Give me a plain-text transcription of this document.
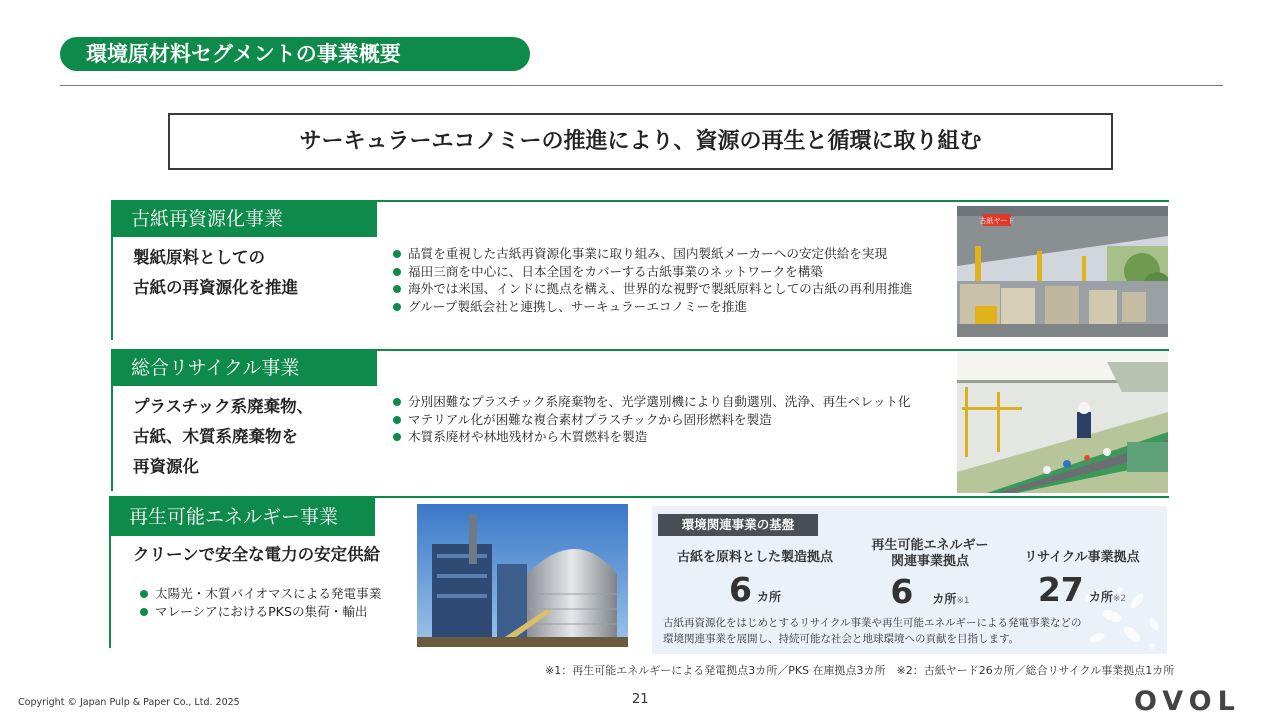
環境原材料セグメントの事業概要
サーキュラーエコノミーの推進により、資源の再生と循環に取り組む
古紙再資源化事業
製紙原料としての
古紙の再資源化を推進
品質を重視した古紙再資源化事業に取り組み、国内製紙メーカーへの安定供給を実現
福田三商を中心に、日本全国をカバーする古紙事業のネットワークを構築
海外では米国、インドに拠点を構え、世界的な視野で製紙原料としての古紙の再利用推進
グループ製紙会社と連携し、サーキュラーエコノミーを推進
古紙ヤード
総合リサイクル事業
プラスチック系廃棄物、
古紙、木質系廃棄物を
再資源化
分別困難なプラスチック系廃棄物を、光学選別機により自動選別、洗浄、再生ペレット化
マテリアル化が困難な複合素材プラスチックから固形燃料を製造
木質系廃材や林地残材から木質燃料を製造
再生可能エネルギー事業
クリーンで安全な電力の安定供給
太陽光・木質バイオマスによる発電事業
マレーシアにおけるPKSの集荷・輸出
環境関連事業の基盤
古紙を原料とした製造拠点
6 カ所
再生可能エネルギー
関連事業拠点
6 カ所※1
リサイクル事業拠点
27 カ所※2
古紙再資源化をはじめとするリサイクル事業や再生可能エネルギーによる発電事業などの
環境関連事業を展開し、持続可能な社会と地球環境への貢献を目指します。
※1：再生可能エネルギーによる発電拠点3カ所／PKS 在庫拠点3カ所　※2：古紙ヤード26カ所／総合リサイクル事業拠点1カ所
Copyright © Japan Pulp & Paper Co., Ltd. 2025	21	OVOL
